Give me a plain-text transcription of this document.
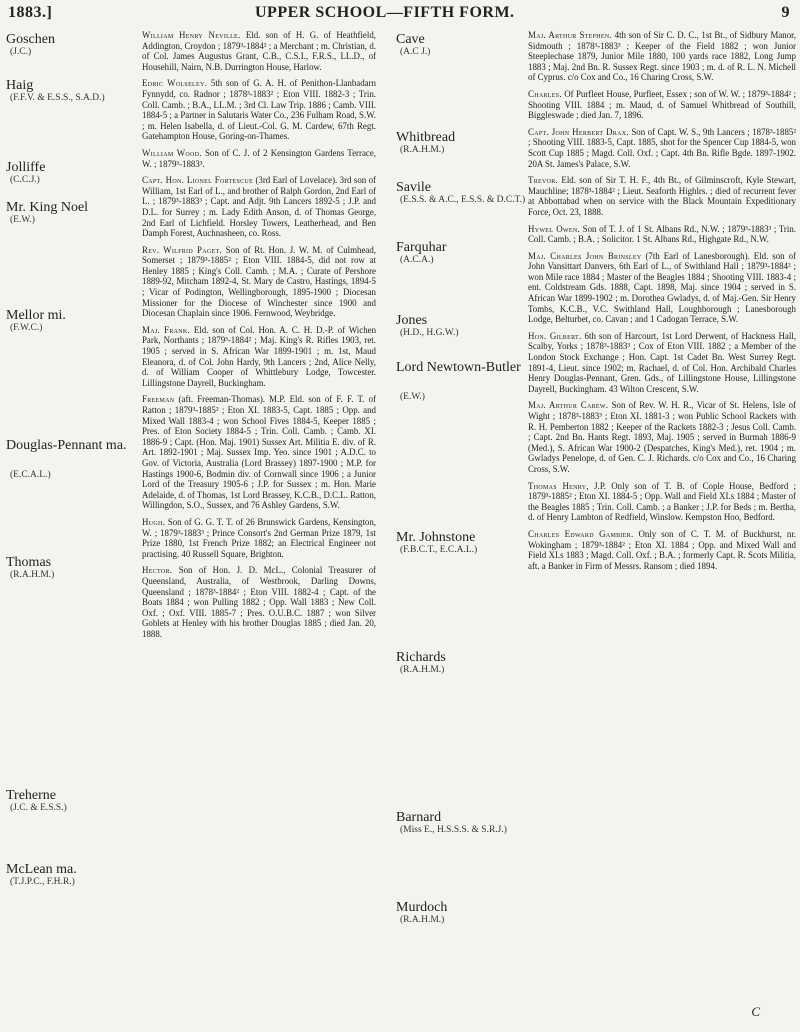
1883.]	UPPER SCHOOL—FIFTH FORM.	9
Goschen
(J.C.)
Haig
(F.F.V. & E.S.S., S.A.D.)
Jolliffe
(C.C.J.)
Mr. King Noel
(E.W.)
Mellor mi.
(F.W.C.)
Douglas-Pennant ma.
(E.C.A.L.)
Thomas
(R.A.H.M.)
Treherne
(J.C. & E.S.S.)
McLean ma.
(T.J.P.C., F.H.R.)
William Henry Neville. Eld. son of H. G. of Heathfield, Addington, Croydon ; 1879³-1884² ; a Merchant ; m. Christian, d. of Col. James Augustus Grant, C.B., C.S.I., F.R.S., LL.D., of Househill, Nairn, N.B. Durrington House, Harlow.
Edric Wolseley. 5th son of G. A. H. of Penithon-Llanbadarn Fynnydd, co. Radnor ; 1878³-1883² ; Eton VIII. 1882-3 ; Trin. Coll. Camb. ; B.A., LL.M. ; 3rd Cl. Law Trip. 1886 ; Camb. VIII. 1884-5 ; a Partner in Salutaris Water Co., 236 Fulham Road, S.W. ; m. Helen Isabella, d. of Lieut.-Col. G. M. Cardew, 67th Regt. Gatehampton House, Goring-on-Thames.
William Wood. Son of C. J. of 2 Kensington Gardens Terrace, W. ; 1879³-1883³.
Capt. Hon. Lionel Fortescue (3rd Earl of Lovelace). 3rd son of William, 1st Earl of L., and brother of Ralph Gordon, 2nd Earl of L. ; 1879³-1883³ ; Capt. and Adjt. 9th Lancers 1892-5 ; J.P. and D.L. for Surrey ; m. Lady Edith Anson, d. of Thomas George, 2nd Earl of Lichfield. Horsley Towers, Leatherhead, and Ben Damph Forest, Auchnasheen, co. Ross.
Rev. Wilfrid Paget. Son of Rt. Hon. J. W. M. of Culmhead, Somerset ; 1879³-1885² ; Eton VIII. 1884-5, did not row at Henley 1885 ; King's Coll. Camb. ; M.A. ; Curate of Pershore 1889-92, Mitcham 1892-4, St. Mary de Castro, Hastings, 1894-5 ; Vicar of Podington, Wellingborough, 1895-1900 ; Diocesan Missioner for the Diocese of Winchester since 1900 and Diocesan Chaplain since 1906. Fernwood, Weybridge.
Maj. Frank. Eld. son of Col. Hon. A. C. H. D.-P. of Wichen Park, Northants ; 1879³-1884² ; Maj. King's R. Rifles 1903, ret. 1905 ; served in S. African War 1899-1901 ; m. 1st, Maud Eleanora, d. of Col. John Hardy, 9th Lancers ; 2nd, Alice Nelly, d. of William Cooper of Whittlebury Lodge, Towcester. Lillingstone Dayrell, Buckingham.
Freeman (aft. Freeman-Thomas). M.P. Eld. son of F. F. T. of Ratton ; 1879³-1885² ; Eton XI. 1883-5, Capt. 1885 ; Opp. and Mixed Wall 1883-4 ; won School Fives 1884-5, Keeper 1885 ; Pres. of Eton Society 1884-5 ; Trin. Coll. Camb. ; Camb. XI. 1886-9 ; Capt. (Hon. Maj. 1901) Sussex Art. Militia E. div. of R. Art. 1892-1901 ; Maj. Sussex Imp. Yeo. since 1901 ; A.D.C. to Gov. of Victoria, Australia (Lord Brassey) 1897-1900 ; M.P. for Hastings 1900-6, Bodmin div. of Cornwall since 1906 ; a Junior Lord of the Treasury 1905-6 ; J.P. for Sussex ; m. Hon. Marie Adelaide, d. of Thomas, 1st Lord Brassey, K.C.B., D.C.L. Ratton, Willingdon, S.O., Sussex, and 76 Ashley Gardens, S.W.
Hugh. Son of G. G. T. T. of 26 Brunswick Gardens, Kensington, W. ; 1879³-1883³ ; Prince Consort's 2nd German Prize 1879, 1st Prize 1880, 1st French Prize 1882; an Electrical Engineer not practising. 40 Russell Square, Brighton.
Hector. Son of Hon. J. D. McL., Colonial Treasurer of Queensland, Australia, of Westbrook, Darling Downs, Queensland ; 1878³-1884² ; Eton VIII. 1882-4 ; Capt. of the Boats 1884 ; won Pulling 1882 ; Opp. Wall 1883 ; New Coll. Oxf. ; Oxf. VIII. 1885-7 ; Pres. O.U.B.C. 1887 ; won Silver Goblets at Henley with his brother Douglas 1885 ; died Jan. 20, 1888.
Cave
(A.C J.)
Whitbread
(R.A.H.M.)
Savile
(E.S.S. & A.C., E.S.S. & D.C.T.)
Farquhar
(A.C.A.)
Jones
(H.D., H.G.W.)
Lord Newtown-Butler
(E.W.)
Mr. Johnstone
(F.B.C.T., E.C.A.L.)
Richards
(R.A.H.M.)
Barnard
(Miss E., H.S.S.S. & S.R.J.)
Murdoch
(R.A.H.M.)
Maj. Arthur Stephen. 4th son of Sir C. D. C., 1st Bt., of Sidbury Manor, Sidmouth ; 1878³-1883³ ; Keeper of the Field 1882 ; won Junior Steeplechase 1879, Junior Mile 1880, 100 yards race 1882, Long Jump 1883 ; Maj. 2nd Bn. R. Sussex Regt. since 1903 ; m. d. of R. L. N. Michell of Cyprus. c/o Cox and Co., 16 Charing Cross, S.W.
Charles. Of Purfleet House, Purfleet, Essex ; son of W. W. ; 1879³-1884² ; Shooting VIII. 1884 ; m. Maud, d. of Samuel Whitbread of Southill, Biggleswade ; died Jan. 7, 1896.
Capt. John Herbert Drax. Son of Capt. W. S., 9th Lancers ; 1878³-1885² ; Shooting VIII. 1883-5, Capt. 1885, shot for the Spencer Cup 1884-5, won Scott Cup 1885 ; Magd. Coll. Oxf. ; Capt. 4th Bn. Rifle Bgde. 1897-1902. 20A St. James's Palace, S.W.
Trevor. Eld. son of Sir T. H. F., 4th Bt., of Gilminscroft, Kyle Stewart, Mauchline; 1878³-1884² ; Lieut. Seaforth Highlrs. ; died of recurrent fever at Abbottabad when on service with the Black Mountain Expeditionary Force, Oct. 23, 1888.
Hywel Owen. Son of T. J. of 1 St. Albans Rd., N.W. ; 1879³-1883³ ; Trin. Coll. Camb. ; B.A. ; Solicitor. 1 St. Albans Rd., Highgate Rd., N.W.
Maj. Charles John Brinsley (7th Earl of Lanesborough). Eld. son of John Vansittart Danvers, 6th Earl of L., of Swithland Hall ; 1879³-1884² ; won Mile race 1884 ; Master of the Beagles 1884 ; Shooting VIII. 1883-4 ; ent. Coldstream Gds. 1888, Capt. 1898, Maj. since 1904 ; served in S. African War 1899-1902 ; m. Dorothea Gwladys, d. of Maj.-Gen. Sir Henry Tombs, K.C.B., V.C. Swithland Hall, Loughborough ; Lanesborough Lodge, Belturbet, co. Cavan ; and 1 Cadogan Terrace, S.W.
Hon. Gilbert. 6th son of Harcourt, 1st Lord Derwent, of Hackness Hall, Scalby, Yorks ; 1878³-1883³ ; Cox of Eton VIII. 1882 ; a Member of the London Stock Exchange ; Hon. Capt. 1st Cadet Bn. West Surrey Regt. 1891-4, Lieut. since 1902; m. Rachael, d. of Col. Hon. Archibald Charles Henry Douglas-Pennant, Gren. Gds., of Lillingstone House, Lillingstone Dayrell, Buckingham. 43 Wilton Crescent, S.W.
Maj. Arthur Carew. Son of Rev. W. H. R., Vicar of St. Helens, Isle of Wight ; 1878³-1883³ ; Eton XI. 1881-3 ; won Public School Rackets with R. H. Pemberton 1882 ; Keeper of the Rackets 1882-3 ; Jesus Coll. Camb. ; Capt. 2nd Bn. Hants Regt. 1893, Maj. 1905 ; served in Burmah 1886-9 (Med.), S. African War 1900-2 (Despatches, King's Med.), ret. 1904 ; m. Gwladys Penelope, d. of Gen. C. J. Richards. c/o Cox and Co., 16 Charing Cross, S.W.
Thomas Henry, J.P. Only son of T. B. of Cople House, Bedford ; 1879³-1885² ; Eton XI. 1884-5 ; Opp. Wall and Field XI.s 1884 ; Master of the Beagles 1885 ; Trin. Coll. Camb. ; a Banker ; J.P. for Beds ; m. Bertha, d. of Henry Lambton of Redfield, Winslow. Kempston Hoo, Bedford.
Charles Edward Gambier. Only son of C. T. M. of Buckhurst, nr. Wokingham ; 1879³-1884² ; Eton XI. 1884 ; Opp. and Mixed Wall and Field XI.s 1883 ; Magd. Coll. Oxf. ; B.A. ; formerly Capt. R. Scots Militia, aft. a Banker in Firm of Messrs. Ransom ; died 1894.
C
